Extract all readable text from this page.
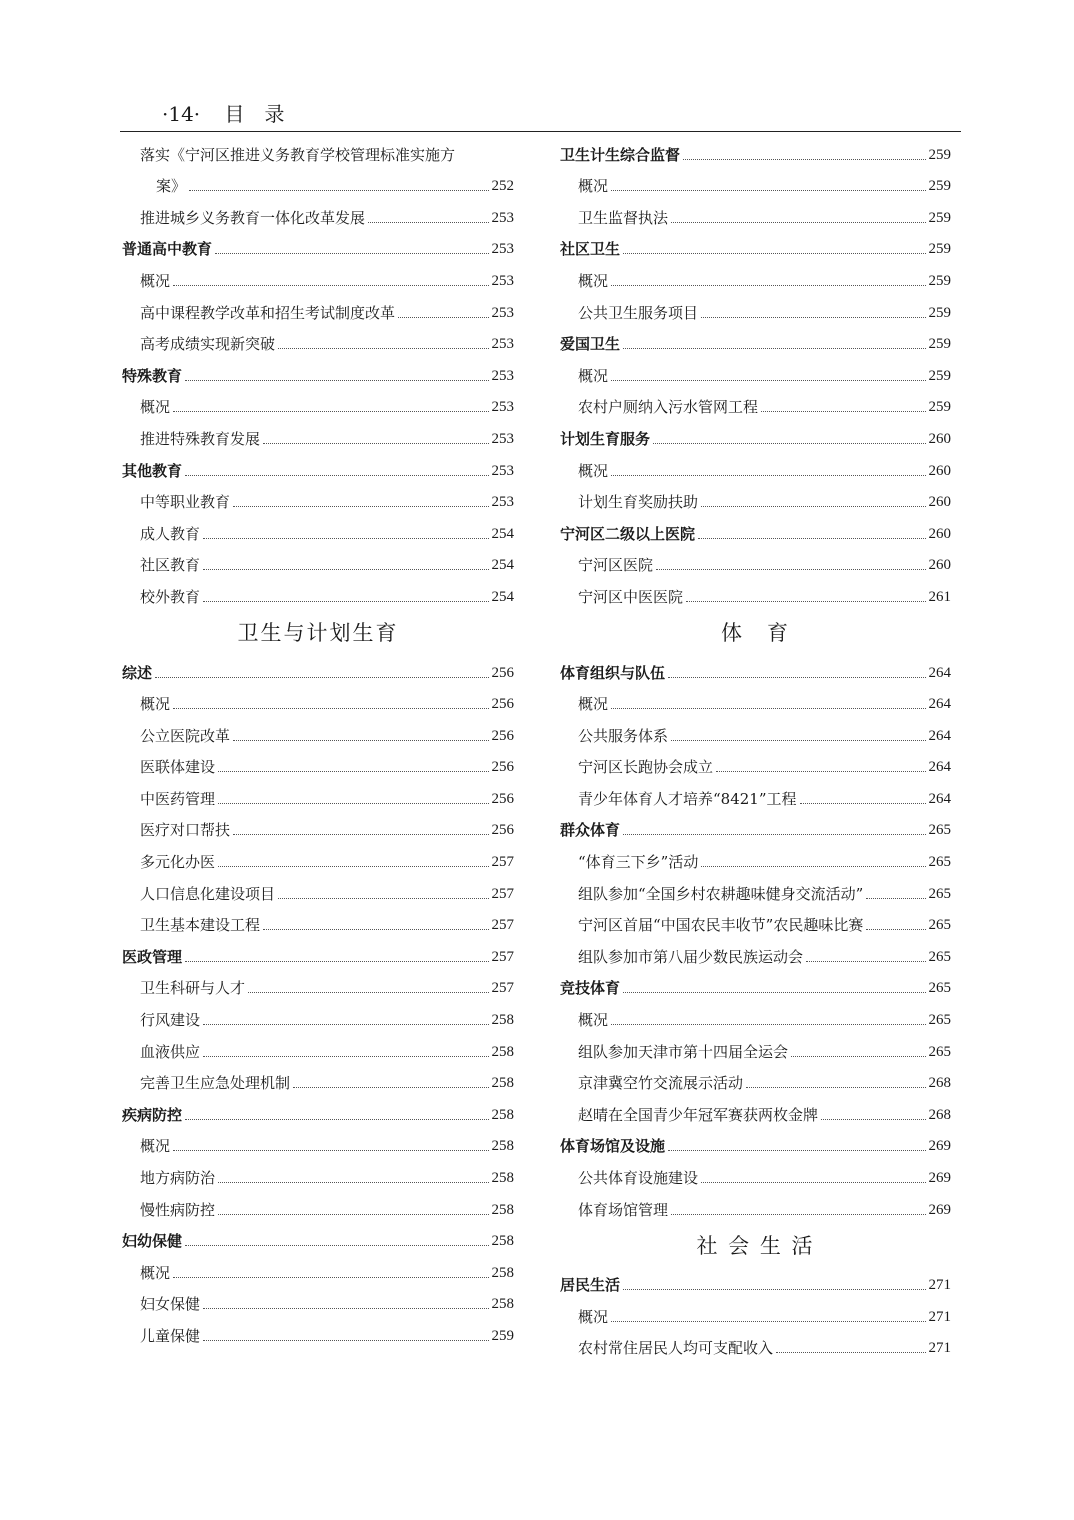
·14· 目　录
落实《宁河区推进义务教育学校管理标准实施方
案》	252
推进城乡义务教育一体化改革发展	253
普通高中教育	253
概况	253
高中课程教学改革和招生考试制度改革	253
高考成绩实现新突破	253
特殊教育	253
概况	253
推进特殊教育发展	253
其他教育	253
中等职业教育	253
成人教育	254
社区教育	254
校外教育	254
卫生与计划生育
综述	256
概况	256
公立医院改革	256
医联体建设	256
中医药管理	256
医疗对口帮扶	256
多元化办医	257
人口信息化建设项目	257
卫生基本建设工程	257
医政管理	257
卫生科研与人才	257
行风建设	258
血液供应	258
完善卫生应急处理机制	258
疾病防控	258
概况	258
地方病防治	258
慢性病防控	258
妇幼保健	258
概况	258
妇女保健	258
儿童保健	259
卫生计生综合监督	259
概况	259
卫生监督执法	259
社区卫生	259
概况	259
公共卫生服务项目	259
爱国卫生	259
概况	259
农村户厕纳入污水管网工程	259
计划生育服务	260
概况	260
计划生育奖励扶助	260
宁河区二级以上医院	260
宁河区医院	260
宁河区中医医院	261
体　育
体育组织与队伍	264
概况	264
公共服务体系	264
宁河区长跑协会成立	264
青少年体育人才培养“8421”工程	264
群众体育	265
“体育三下乡”活动	265
组队参加“全国乡村农耕趣味健身交流活动”	265
宁河区首届“中国农民丰收节”农民趣味比赛	265
组队参加市第八届少数民族运动会	265
竞技体育	265
概况	265
组队参加天津市第十四届全运会	265
京津冀空竹交流展示活动	268
赵晴在全国青少年冠军赛获两枚金牌	268
体育场馆及设施	269
公共体育设施建设	269
体育场馆管理	269
社 会 生 活
居民生活	271
概况	271
农村常住居民人均可支配收入	271
